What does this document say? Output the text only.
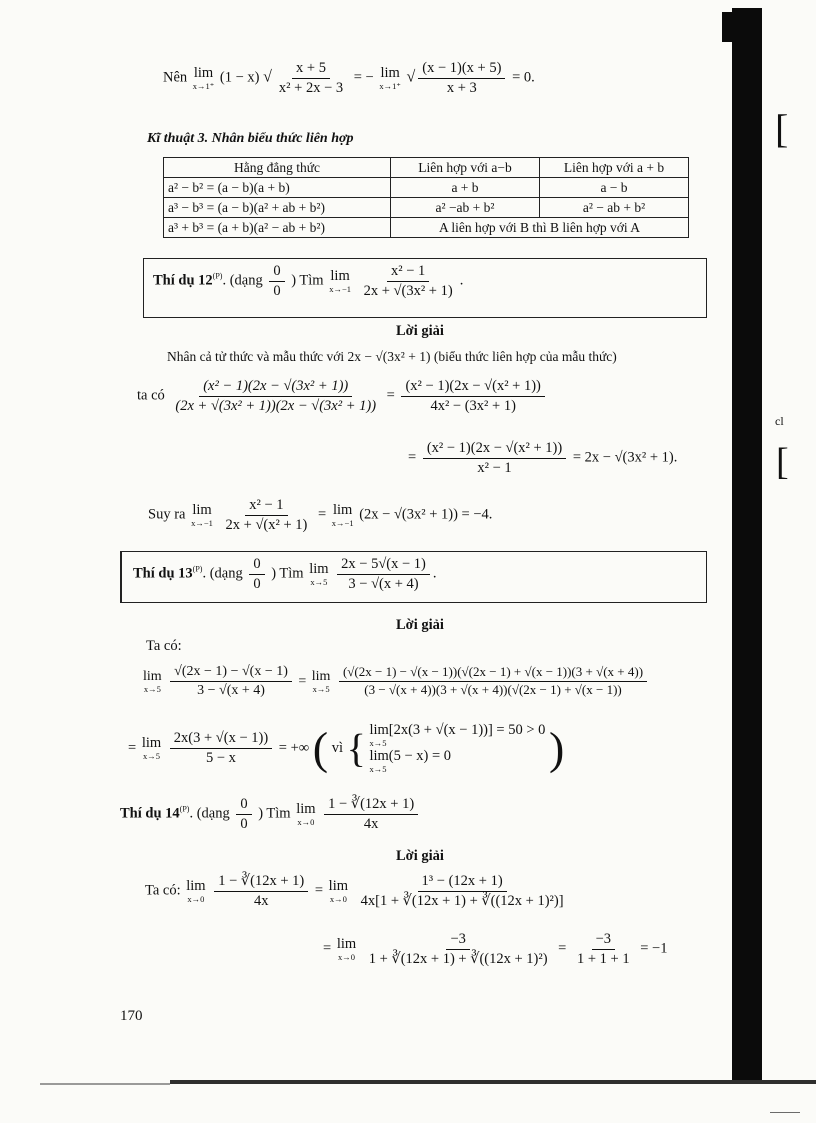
Nên lim
x→1⁺
(1 − x) √ $\frac{x + 5}{\text{x² + 2x − 3}}$ = − lim
x→1⁺
√ $\frac{(x - 1)(x + 5)}{x + 3} = 0$.
Kĩ thuật 3. Nhân biểu thức liên hợp
Hằng đẳng thức	Liên hợp với a−b	Liên hợp với a + b
a² − b² = (a − b)(a + b)	a + b	a − b
a³ − b³ = (a − b)(a² + ab + b²)	a² −ab + b²	a² − ab + b²
a³ + b³ = (a + b)(a² − ab + b²)	A liên hợp với B thì B liên hợp với A	
Thí dụ $12^{(P)}$. (dạng $\frac{0}{0}$ ) Tìm lim
x→−1
$\frac{\text{x² − 1}}{\text{2x + √(3x² + 1)}}$ .
Lời giải
Nhân cả tử thức và mẫu thức với 2x − √(3x² + 1) (biểu thức liên hợp của mẫu thức)
ta có $\frac{\text{(x² − 1)(2x − √(3x² + 1))}}{\text{(2x + √(3x² + 1))(2x − √(3x² + 1))}} = \frac{\text{(x² − 1)(2x − √(x² + 1))}}{\text{4x² − (3x² + 1)}}$
= $\frac{\text{(x² − 1)(2x − √(x² + 1))}}{\text{x² − 1}} = 2x - √(3x^2 + 1)$.
Suy ra lim
x→−1
$\frac{\text{x² − 1}}{\text{2x + √(x² + 1)}} = \lim$
x→−1
(2x − √(3x² + 1)) = −4.
Thí dụ $13^{(P)}$. (dạng $\frac{0}{0}$ ) Tìm lim
x→5
$\frac{2x - 5√(x - 1)}{3 - √(x + 4)}$ .
Lời giải
Ta có:
lim
x→5
$\frac{√(2x - 1) - √(x - 1)}{3 - √(x + 4)} = \lim$
x→5
$\frac{(√(2x - 1) - √(x - 1))(√(2x - 1) + √(x - 1))(3 + √(x + 4))}{(3 - √(x + 4))(3 + √(x + 4))(√(2x - 1) + √(x - 1))}$
= lim
x→5
$\frac{2x(3 + √(x - 1))}{5 - x}$ = +∞ ( vì { lim[2x(3 + √(x − 1))] = 50 > 0
x→5
lim(5 − x) = 0
x→5	)
Thí dụ $14^{(P)}$. (dạng $\frac{0}{0}$ ) Tìm lim
x→0
$\frac{1 - ∛(12x + 1)}{4x}$
Lời giải
Ta có: lim
x→0
$\frac{1 - ∛(12x + 1)}{4x} = \lim$
x→0
$\frac{\text{1³ − (12x + 1)}}{\text{4x[1 + ∛(12x + 1) + ∛((12x + 1)²)]}}$
= lim
x→0
$\frac{-3}{\text{1 + ∛(12x + 1) + ∛((12x + 1)²)}} = \frac{-3}{1 + 1 + 1} = -1$
170
[
[
cl
